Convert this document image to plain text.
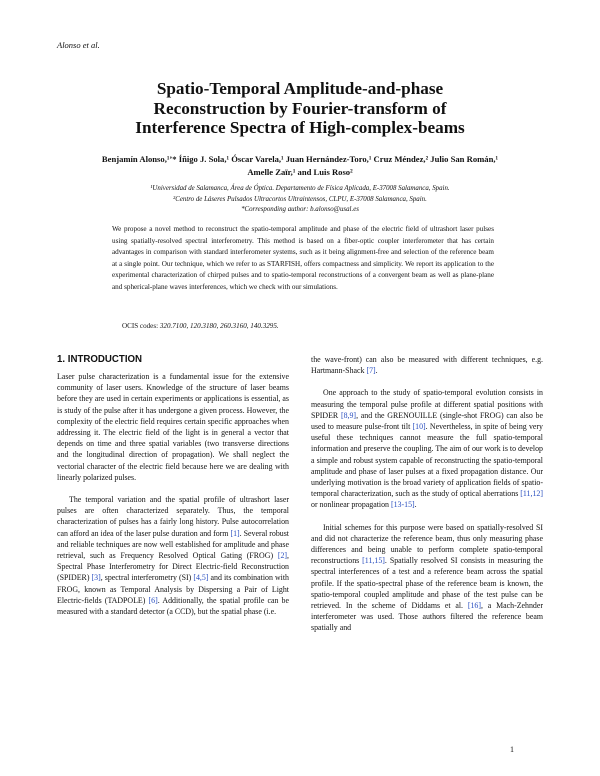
Alonso et al.
Spatio-Temporal Amplitude-and-phase
Reconstruction by Fourier-transform of
Interference Spectra of High-complex-beams
Benjamín Alonso,¹ʼ* Íñigo J. Sola,¹ Óscar Varela,¹ Juan Hernández-Toro,¹ Cruz Méndez,² Julio San Román,¹
Amelle Zaïr,¹ and Luis Roso²
¹Universidad de Salamanca, Área de Óptica. Departamento de Física Aplicada, E-37008 Salamanca, Spain.
²Centro de Láseres Pulsados Ultracortos Ultraintensos, CLPU, E-37008 Salamanca, Spain.
*Corresponding author: b.alonso@usal.es

We propose a novel method to reconstruct the spatio-temporal amplitude and phase of the electric field of ultrashort laser pulses using spatially-resolved spectral interferometry. This method is based on a fiber-optic coupler interferometer that has certain advantages in comparison with standard interferometer systems, such as it being alignment-free and selection of the reference beam at a single point. Our technique, which we refer to as STARFISH, offers compactness and simplicity. We report its application to the experimental characterization of chirped pulses and to spatio-temporal reconstructions of a convergent beam as well as plane-plane and spherical-plane waves interferences, which we check with our simulations.

OCIS codes: 320.7100, 120.3180, 260.3160, 140.3295.
1. INTRODUCTION

Laser pulse characterization is a fundamental issue for the extensive community of laser users. Knowledge of the structure of laser beams before they are used in certain experiments or applications is essential, as is study of the pulse after it has undergone a given process. However, the complexity of the electric field requires certain specific approaches when addressing it. The electric field of the light is in general a vector that depends on time and three spatial variables (two transverse directions and the longitudinal direction of propagation). We shall neglect the vectorial character of the electric field because here we are dealing with linearly polarized pulses.

The temporal variation and the spatial profile of ultrashort laser pulses are often characterized separately. Thus, the temporal characterization of pulses has a fairly long history. Pulse autocorrelation can afford an idea of the laser pulse duration and form [1]. Several robust and reliable techniques are now well established for amplitude and phase retrieval, such as Frequency Resolved Optical Gating (FROG) [2], Spectral Phase Interferometry for Direct Electric-field Reconstruction (SPIDER) [3], spectral interferometry (SI) [4,5] and its combination with FROG, known as Temporal Analysis by Dispersing a Pair of Light Electric-fields (TADPOLE) [6]. Additionally, the spatial profile can be measured with a standard detector (a CCD), but the spatial phase (i.e.

the wave-front) can also be measured with different techniques, e.g. Hartmann-Shack [7].

One approach to the study of spatio-temporal evolution consists in measuring the temporal pulse profile at different spatial positions with SPIDER [8,9], and the GRENOUILLE (single-shot FROG) can also be used to measure pulse-front tilt [10]. Nevertheless, in spite of being very useful these techniques cannot measure the full spatio-temporal information and preserve the coupling. The aim of our work is to develop a simple and robust system capable of reconstructing the spatio-temporal amplitude and phase of laser pulses at a fixed propagation distance. Our underlying motivation is the broad variety of application fields of spatio-temporal characterization, such as the study of optical aberrations [11,12] or nonlinear propagation [13-15].

Initial schemes for this purpose were based on spatially-resolved SI and did not characterize the reference beam, thus only measuring phase differences and being unable to perform complete spatio-temporal reconstructions [11,15]. Spatially resolved SI consists in measuring the spectral interferences of a test and a reference beam across the spatial profile. If the spatio-spectral phase of the reference beam is known, the spatio-temporal coupled amplitude and phase of the test pulse can be retrieved. In the scheme of Diddams et al. [16], a Mach-Zehnder interferometer was used. Those authors filtered the reference beam spatially and

1
